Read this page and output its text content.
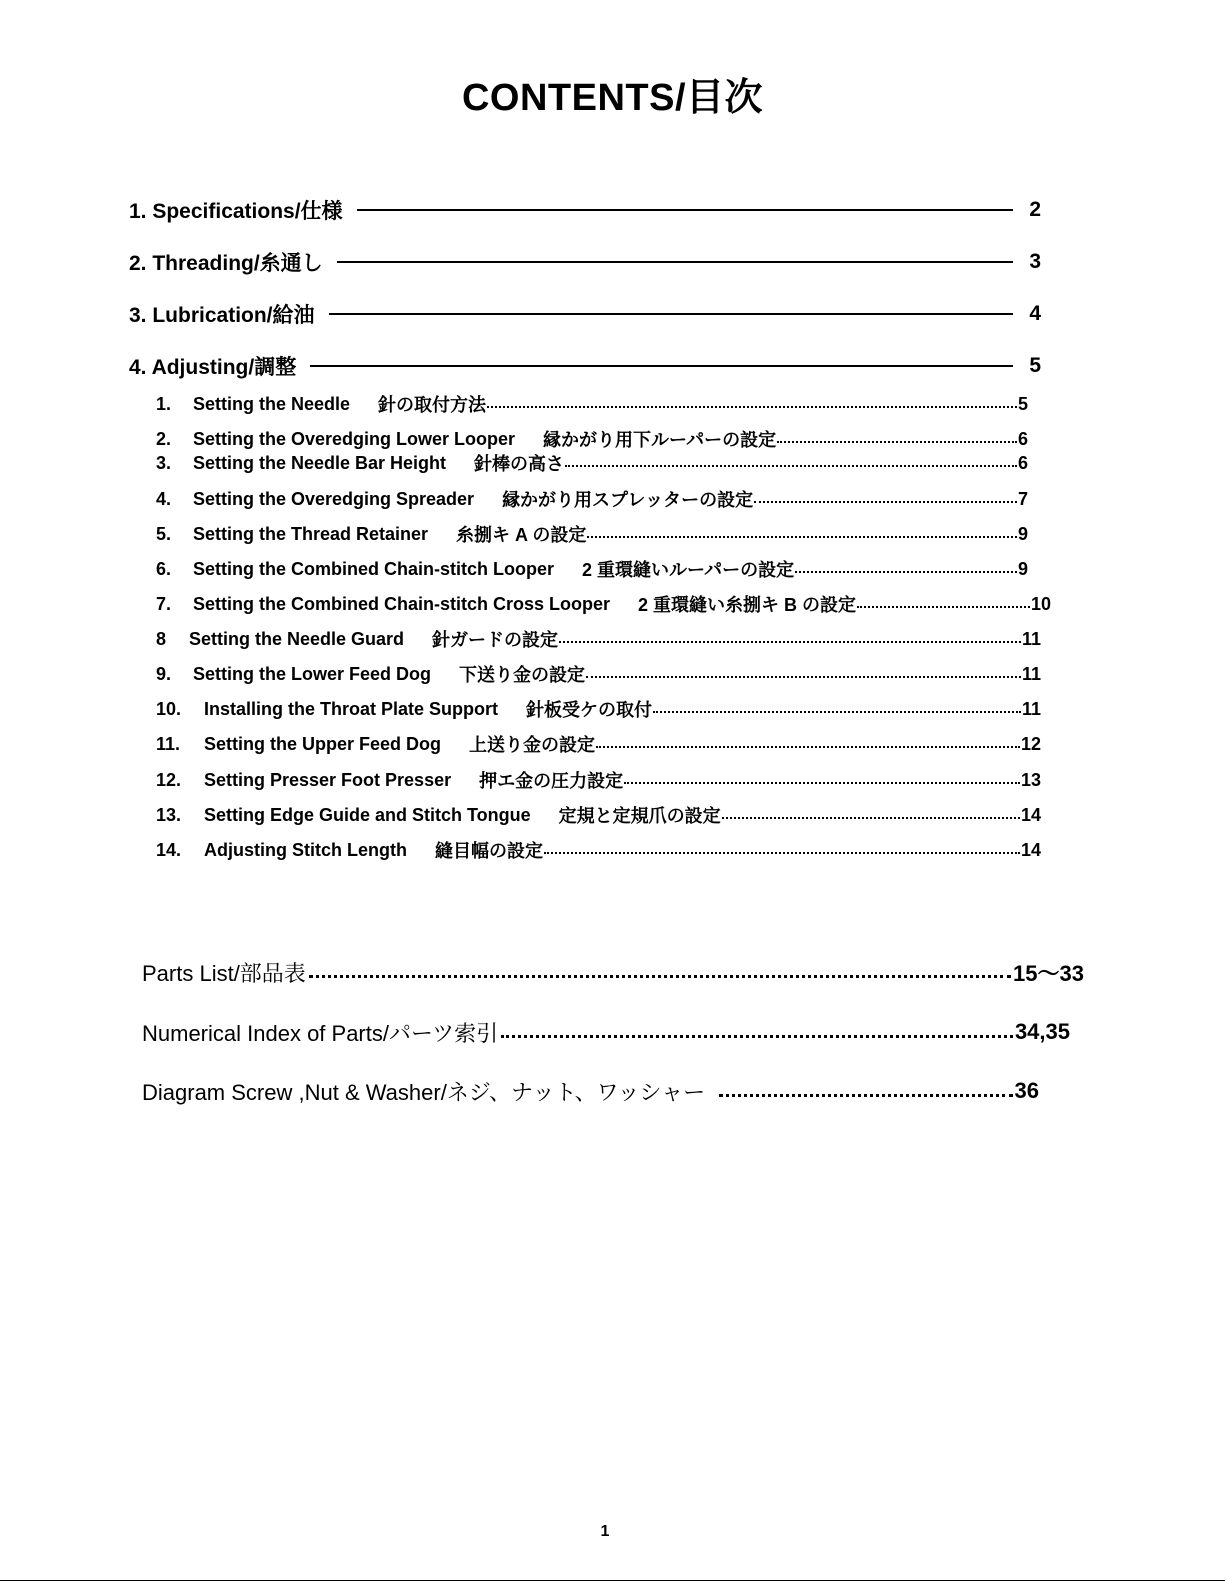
CONTENTS/目次
1. Specifications/仕様	2
2. Threading/糸通し	3
3. Lubrication/給油	4
4. Adjusting/調整	5
1.	Setting the Needle 針の取付方法	5
2.	Setting the Overedging Lower Looper 縁かがり用下ルーパーの設定	6
3.	Setting the Needle Bar Height 針棒の高さ	6
4.	Setting the Overedging Spreader 縁かがり用スプレッターの設定	7
5.	Setting the Thread Retainer 糸捌キ A の設定	9
6.	Setting the Combined Chain-stitch Looper 2 重環縫いルーパーの設定	9
7.	Setting the Combined Chain-stitch Cross Looper 2 重環縫い糸捌キ B の設定	10
8	Setting the Needle Guard 針ガードの設定	11
9.	Setting the Lower Feed Dog 下送り金の設定	11
10.	Installing the Throat Plate Support 針板受ケの取付	11
11.	Setting the Upper Feed Dog 上送り金の設定	12
12.	Setting Presser Foot Presser 押エ金の圧力設定	13
13.	Setting Edge Guide and Stitch Tongue 定規と定規爪の設定	14
14.	Adjusting Stitch Length 縫目幅の設定	14
Parts List/部品表	15～33
Numerical Index of Parts/パーツ索引	34,35
Diagram Screw ,Nut & Washer/ネジ、ナット、ワッシャー	36
1
